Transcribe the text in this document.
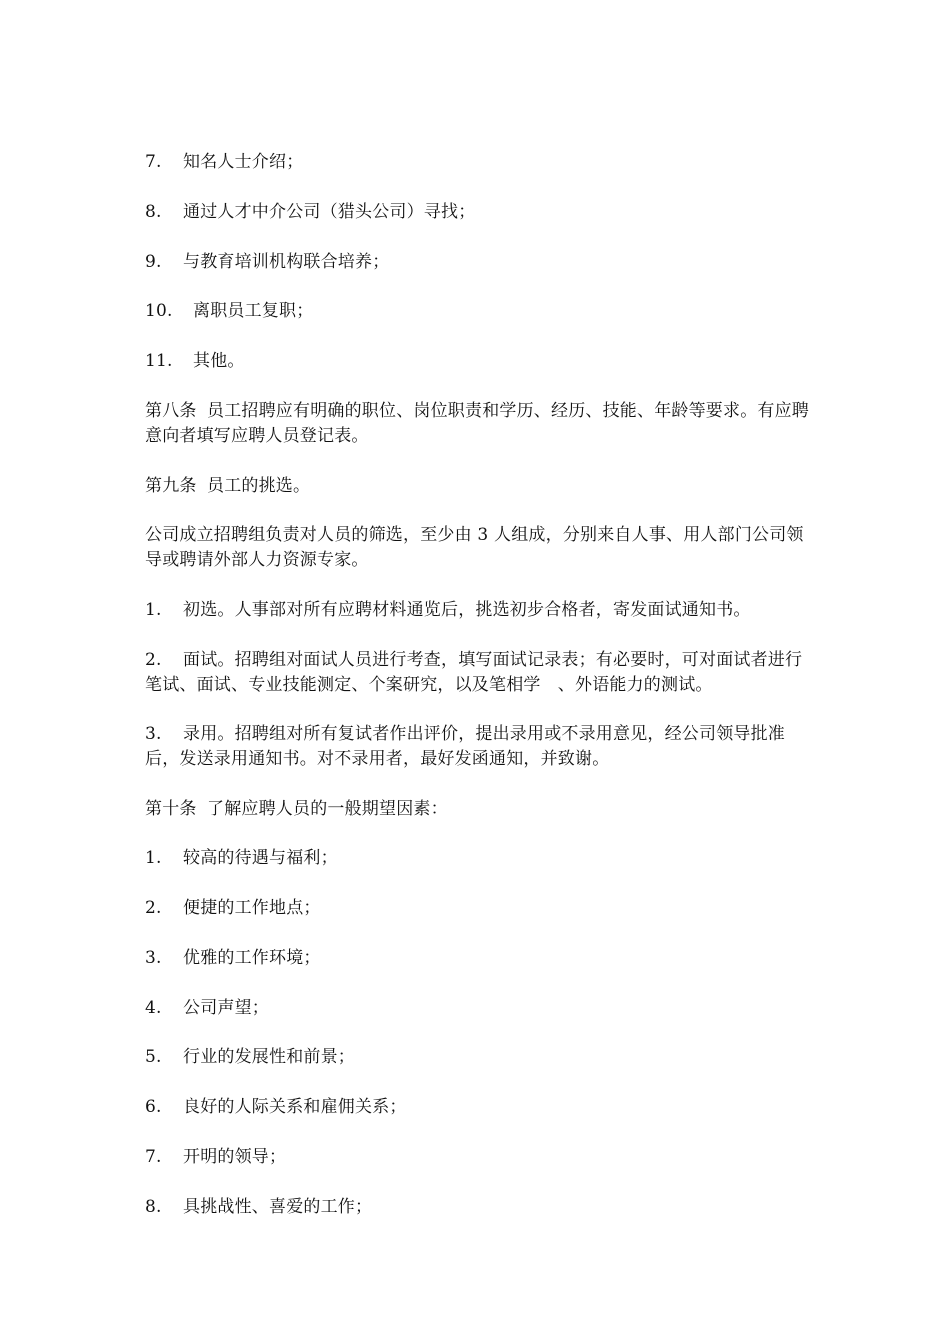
7.	知名人士介绍；
8.	通过人才中介公司（猎头公司）寻找；
9.	与教育培训机构联合培养；
10.	离职员工复职；
11.	其他。
第八条 员工招聘应有明确的职位、岗位职责和学历、经历、技能、年龄等要求。有应聘意向者填写应聘人员登记表。
第九条 员工的挑选。
公司成立招聘组负责对人员的筛选，至少由 3 人组成，分别来自人事、用人部门公司领导或聘请外部人力资源专家。
1.	初选。人事部对所有应聘材料通览后，挑选初步合格者，寄发面试通知书。
2. 面试。招聘组对面试人员进行考查，填写面试记录表；有必要时，可对面试者进行笔试、面试、专业技能测定、个案研究，以及笔相学　、外语能力的测试。
3. 录用。招聘组对所有复试者作出评价，提出录用或不录用意见，经公司领导批准后，发送录用通知书。对不录用者，最好发函通知，并致谢。
第十条 了解应聘人员的一般期望因素：
1.	较高的待遇与福利；
2.	便捷的工作地点；
3.	优雅的工作环境；
4.	公司声望；
5.	行业的发展性和前景；
6.	良好的人际关系和雇佣关系；
7.	开明的领导；
8.	具挑战性、喜爱的工作；
